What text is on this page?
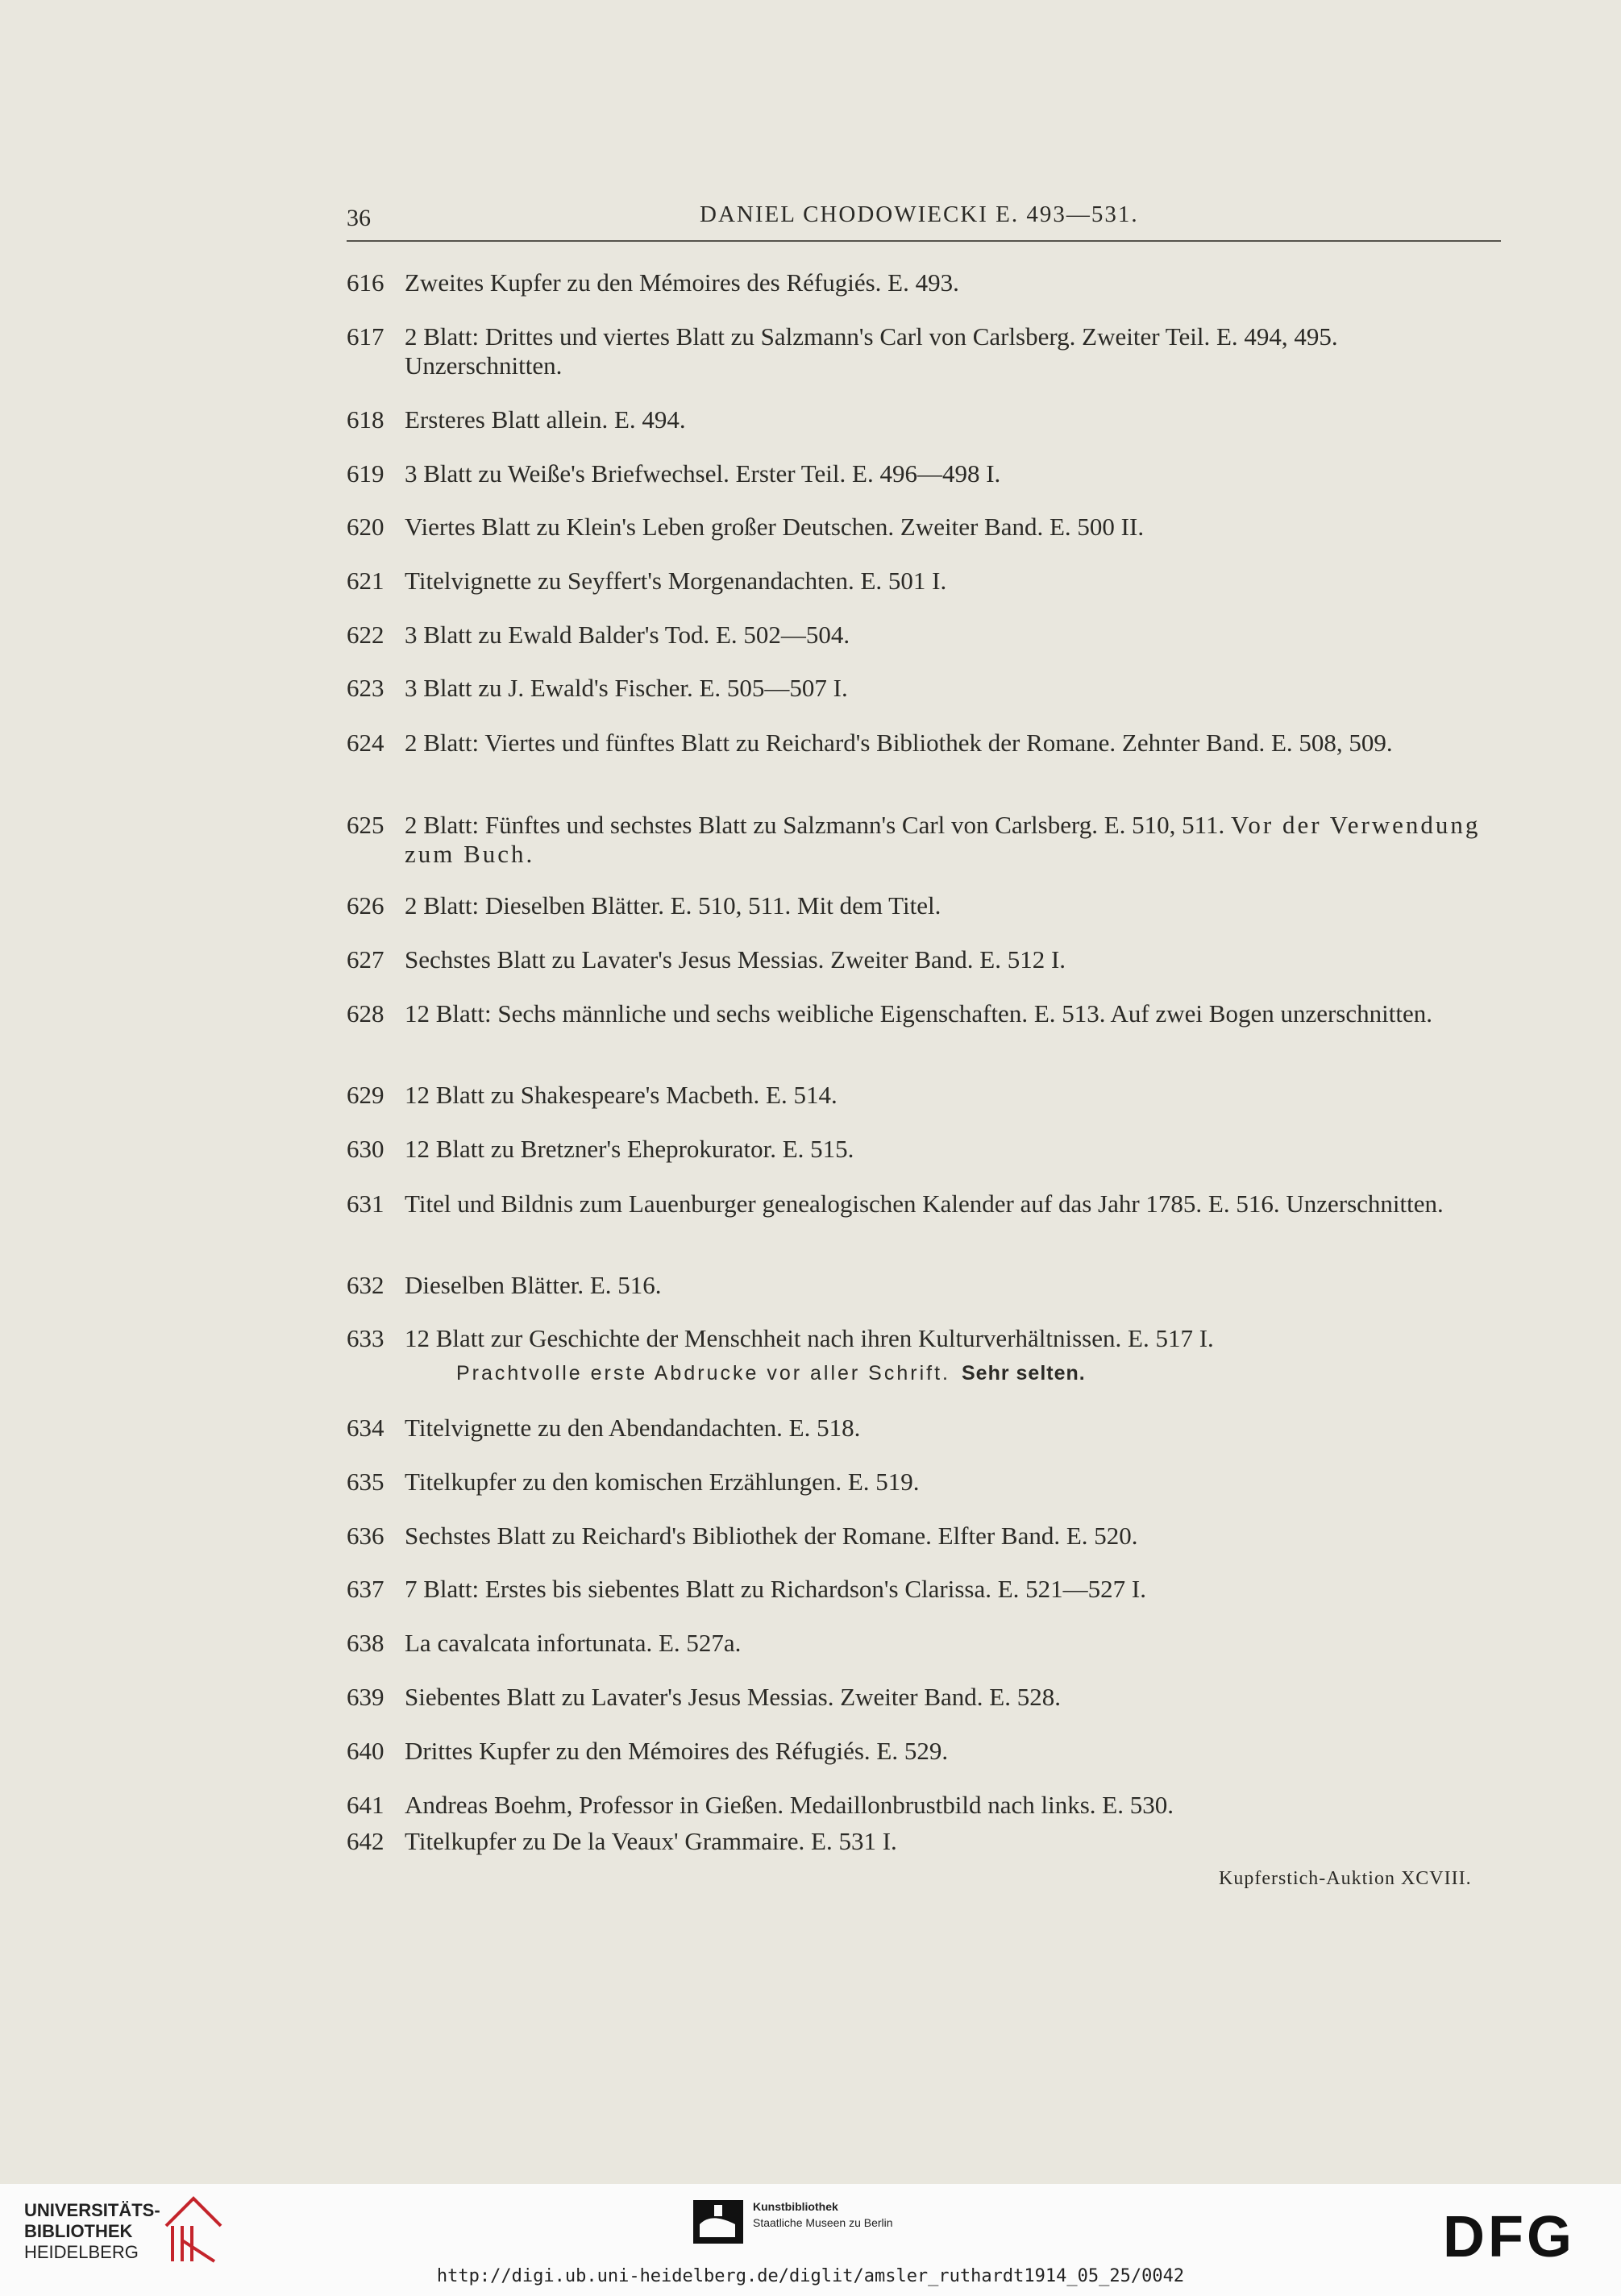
36	DANIEL CHODOWIECKI E. 493—531.
616 Zweites Kupfer zu den Mémoires des Réfugiés. E. 493.
617 2 Blatt: Drittes und viertes Blatt zu Salzmann's Carl von Carlsberg. Zweiter Teil. E. 494, 495. Unzerschnitten.
618 Ersteres Blatt allein. E. 494.
619 3 Blatt zu Weiße's Briefwechsel. Erster Teil. E. 496—498 I.
620 Viertes Blatt zu Klein's Leben großer Deutschen. Zweiter Band. E. 500 II.
621 Titelvignette zu Seyffert's Morgenandachten. E. 501 I.
622 3 Blatt zu Ewald Balder's Tod. E. 502—504.
623 3 Blatt zu J. Ewald's Fischer. E. 505—507 I.
624 2 Blatt: Viertes und fünftes Blatt zu Reichard's Bibliothek der Romane. Zehnter Band. E. 508, 509.
625 2 Blatt: Fünftes und sechstes Blatt zu Salzmann's Carl von Carlsberg. E. 510, 511. Vor der Verwendung zum Buch.
626 2 Blatt: Dieselben Blätter. E. 510, 511. Mit dem Titel.
627 Sechstes Blatt zu Lavater's Jesus Messias. Zweiter Band. E. 512 I.
628 12 Blatt: Sechs männliche und sechs weibliche Eigenschaften. E. 513. Auf zwei Bogen unzerschnitten.
629 12 Blatt zu Shakespeare's Macbeth. E. 514.
630 12 Blatt zu Bretzner's Eheprokurator. E. 515.
631 Titel und Bildnis zum Lauenburger genealogischen Kalender auf das Jahr 1785. E. 516. Unzerschnitten.
632 Dieselben Blätter. E. 516.
633 12 Blatt zur Geschichte der Menschheit nach ihren Kulturverhältnissen. E. 517 I.
Prachtvolle erste Abdrucke vor aller Schrift. Sehr selten.
634 Titelvignette zu den Abendandachten. E. 518.
635 Titelkupfer zu den komischen Erzählungen. E. 519.
636 Sechstes Blatt zu Reichard's Bibliothek der Romane. Elfter Band. E. 520.
637 7 Blatt: Erstes bis siebentes Blatt zu Richardson's Clarissa. E. 521—527 I.
638 La cavalcata infortunata. E. 527a.
639 Siebentes Blatt zu Lavater's Jesus Messias. Zweiter Band. E. 528.
640 Drittes Kupfer zu den Mémoires des Réfugiés. E. 529.
641 Andreas Boehm, Professor in Gießen. Medaillonbrustbild nach links. E. 530.
642 Titelkupfer zu De la Veaux' Grammaire. E. 531 I.
Kupferstich-Auktion XCVIII.
UNIVERSITÄTS-
BIBLIOTHEK
HEIDELBERG
Kunstbibliothek
Staatliche Museen zu Berlin	DFG
http://digi.ub.uni-heidelberg.de/diglit/amsler_ruthardt1914_05_25/0042
